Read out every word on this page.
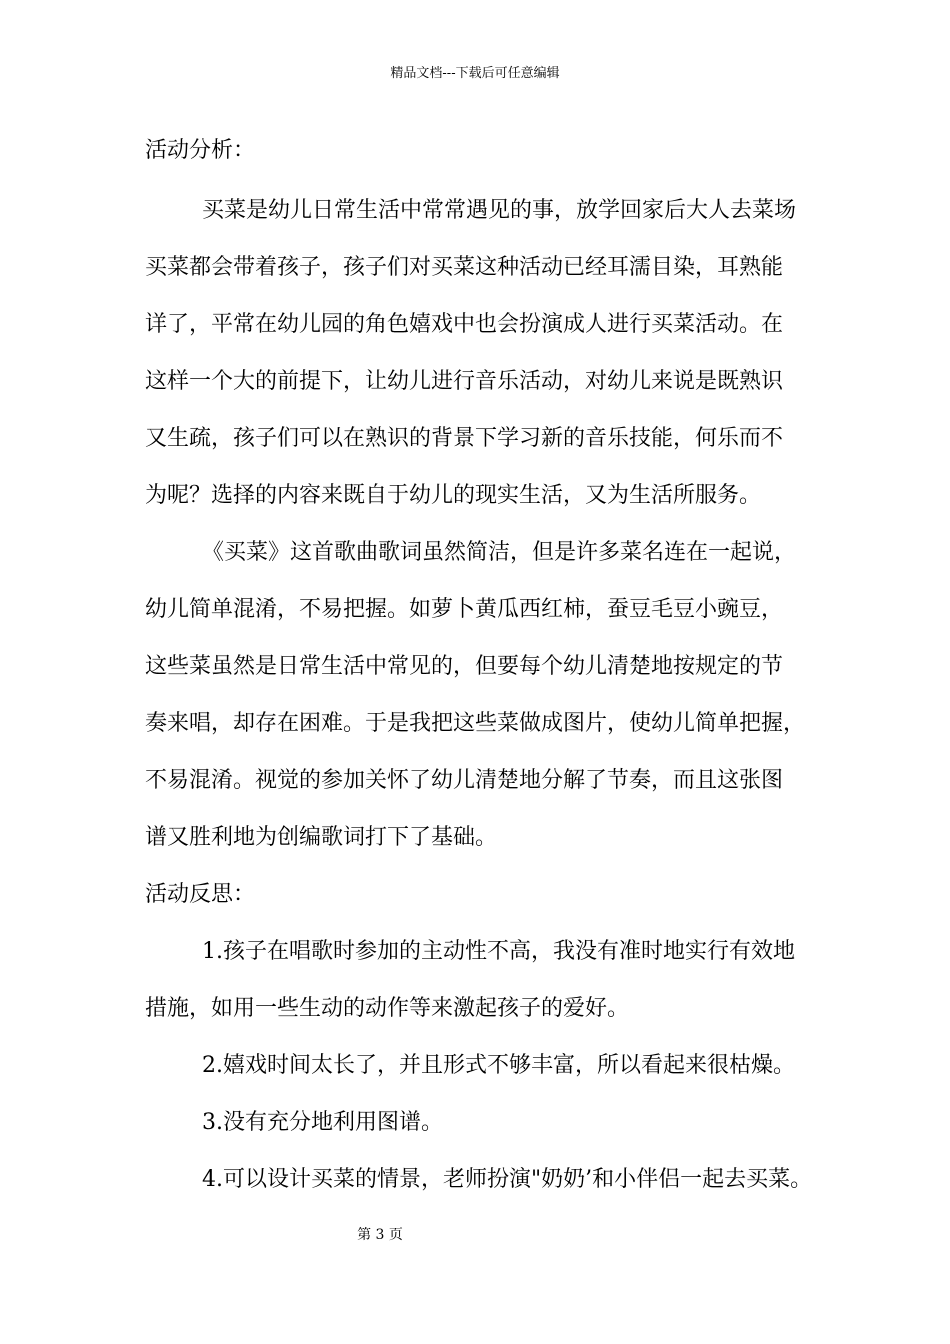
精品文档---下载后可任意编辑
活动分析：
买菜是幼儿日常生活中常常遇见的事，放学回家后大人去菜场
买菜都会带着孩子，孩子们对买菜这种活动已经耳濡目染，耳熟能
详了，平常在幼儿园的角色嬉戏中也会扮演成人进行买菜活动。在
这样一个大的前提下，让幼儿进行音乐活动，对幼儿来说是既熟识
又生疏，孩子们可以在熟识的背景下学习新的音乐技能，何乐而不
为呢？选择的内容来既自于幼儿的现实生活，又为生活所服务。
《买菜》这首歌曲歌词虽然简洁，但是许多菜名连在一起说，
幼儿简单混淆，不易把握。如萝卜黄瓜西红柿，蚕豆毛豆小豌豆，
这些菜虽然是日常生活中常见的，但要每个幼儿清楚地按规定的节
奏来唱，却存在困难。于是我把这些菜做成图片，使幼儿简单把握，
不易混淆。视觉的参加关怀了幼儿清楚地分解了节奏，而且这张图
谱又胜利地为创编歌词打下了基础。
活动反思：
1.孩子在唱歌时参加的主动性不高，我没有准时地实行有效地
措施，如用一些生动的动作等来激起孩子的爱好。
2.嬉戏时间太长了，并且形式不够丰富，所以看起来很枯燥。
3.没有充分地利用图谱。
4.可以设计买菜的情景，老师扮演"奶奶’和小伴侣一起去买菜。
第 3 页
